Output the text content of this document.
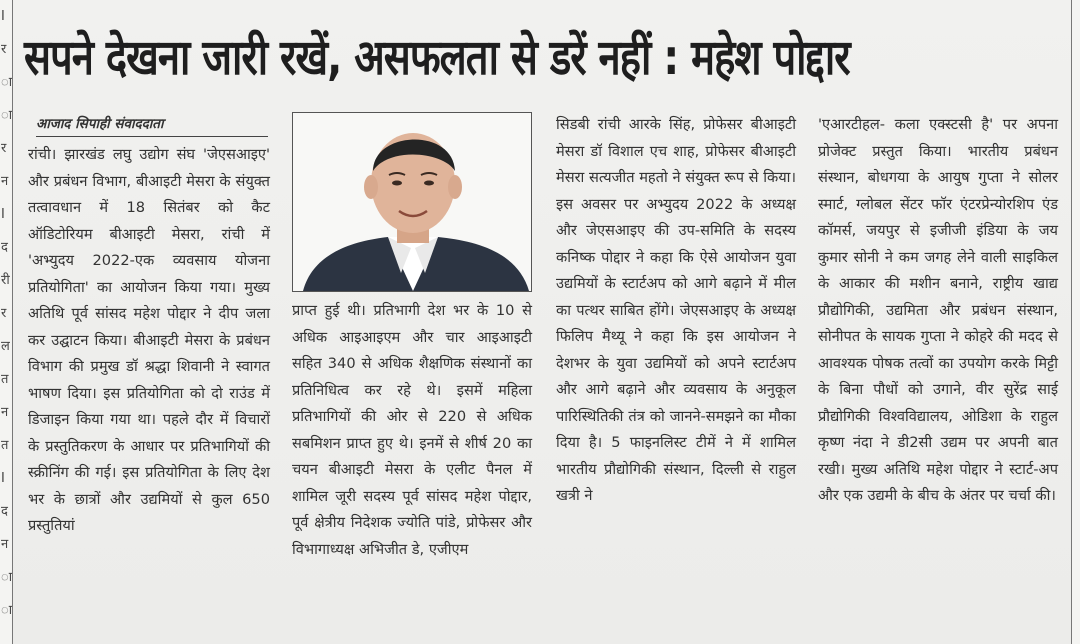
I
र
ा
ा
र
न
I
द
री
र
ल
त
न
त
I
द
न
ा
ा
सपने देखना जारी रखें, असफलता से डरें नहीं : महेश पोद्दार
आजाद सिपाही संवाददाता

रांची। झारखंड लघु उद्योग संघ 'जेएसआइए' और प्रबंधन विभाग, बीआइटी मेसरा के संयुक्त तत्वावधान में 18 सितंबर को कैट ऑडिटोरियम बीआइटी मेसरा, रांची में 'अभ्युदय 2022-एक व्यवसाय योजना प्रतियोगिता' का आयोजन किया गया। मुख्य अतिथि पूर्व सांसद महेश पोद्दार ने दीप जला कर उद्घाटन किया। बीआइटी मेसरा के प्रबंधन विभाग की प्रमुख डॉ श्रद्धा शिवानी ने स्वागत भाषण दिया। इस प्रतियोगिता को दो राउंड में डिजाइन किया गया था। पहले दौर में विचारों के प्रस्तुतिकरण के आधार पर प्रतिभागियों की स्क्रीनिंग की गई। इस प्रतियोगिता के लिए देश भर के छात्रों और उद्यमियों से कुल 650 प्रस्तुतियां

प्राप्त हुई थी। प्रतिभागी देश भर के 10 से अधिक आइआइएम और चार आइआइटी सहित 340 से अधिक शैक्षणिक संस्थानों का प्रतिनिधित्व कर रहे थे। इसमें महिला प्रतिभागियों की ओर से 220 से अधिक सबमिशन प्राप्त हुए थे। इनमें से शीर्ष 20 का चयन बीआइटी मेसरा के एलीट पैनल में शामिल जूरी सदस्य पूर्व सांसद महेश पोद्दार, पूर्व क्षेत्रीय निदेशक ज्योति पांडे, प्रोफेसर और विभागाध्यक्ष अभिजीत डे, एजीएम

सिडबी रांची आरके सिंह, प्रोफेसर बीआइटी मेसरा डॉ विशाल एच शाह, प्रोफेसर बीआइटी मेसरा सत्यजीत महतो ने संयुक्त रूप से किया। इस अवसर पर अभ्युदय 2022 के अध्यक्ष और जेएसआइए की उप-समिति के सदस्य कनिष्क पोद्दार ने कहा कि ऐसे आयोजन युवा उद्यमियों के स्टार्टअप को आगे बढ़ाने में मील का पत्थर साबित होंगे। जेएसआइए के अध्यक्ष फिलिप मैथ्यू ने कहा कि इस आयोजन ने देशभर के युवा उद्यमियों को अपने स्टार्टअप और आगे बढ़ाने और व्यवसाय के अनुकूल पारिस्थितिकी तंत्र को जानने-समझने का मौका दिया है। 5 फाइनलिस्ट टीमें ने में शामिल भारतीय प्रौद्योगिकी संस्थान, दिल्ली से राहुल खत्री ने

'एआरटीहल- कला एक्स्टसी है' पर अपना प्रोजेक्ट प्रस्तुत किया। भारतीय प्रबंधन संस्थान, बोधगया के आयुष गुप्ता ने सोलर स्मार्ट, ग्लोबल सेंटर फॉर एंटरप्रेन्योरशिप एंड कॉमर्स, जयपुर से इजीजी इंडिया के जय कुमार सोनी ने कम जगह लेने वाली साइकिल के आकार की मशीन बनाने, राष्ट्रीय खाद्य प्रौद्योगिकी, उद्यमिता और प्रबंधन संस्थान, सोनीपत के सायक गुप्ता ने कोहरे की मदद से आवश्यक पोषक तत्वों का उपयोग करके मिट्टी के बिना पौधों को उगाने, वीर सुरेंद्र साई प्रौद्योगिकी विश्वविद्यालय, ओडिशा के राहुल कृष्ण नंदा ने डी2सी उद्यम पर अपनी बात रखी। मुख्य अतिथि महेश पोद्दार ने स्टार्ट-अप और एक उद्यमी के बीच के अंतर पर चर्चा की।
